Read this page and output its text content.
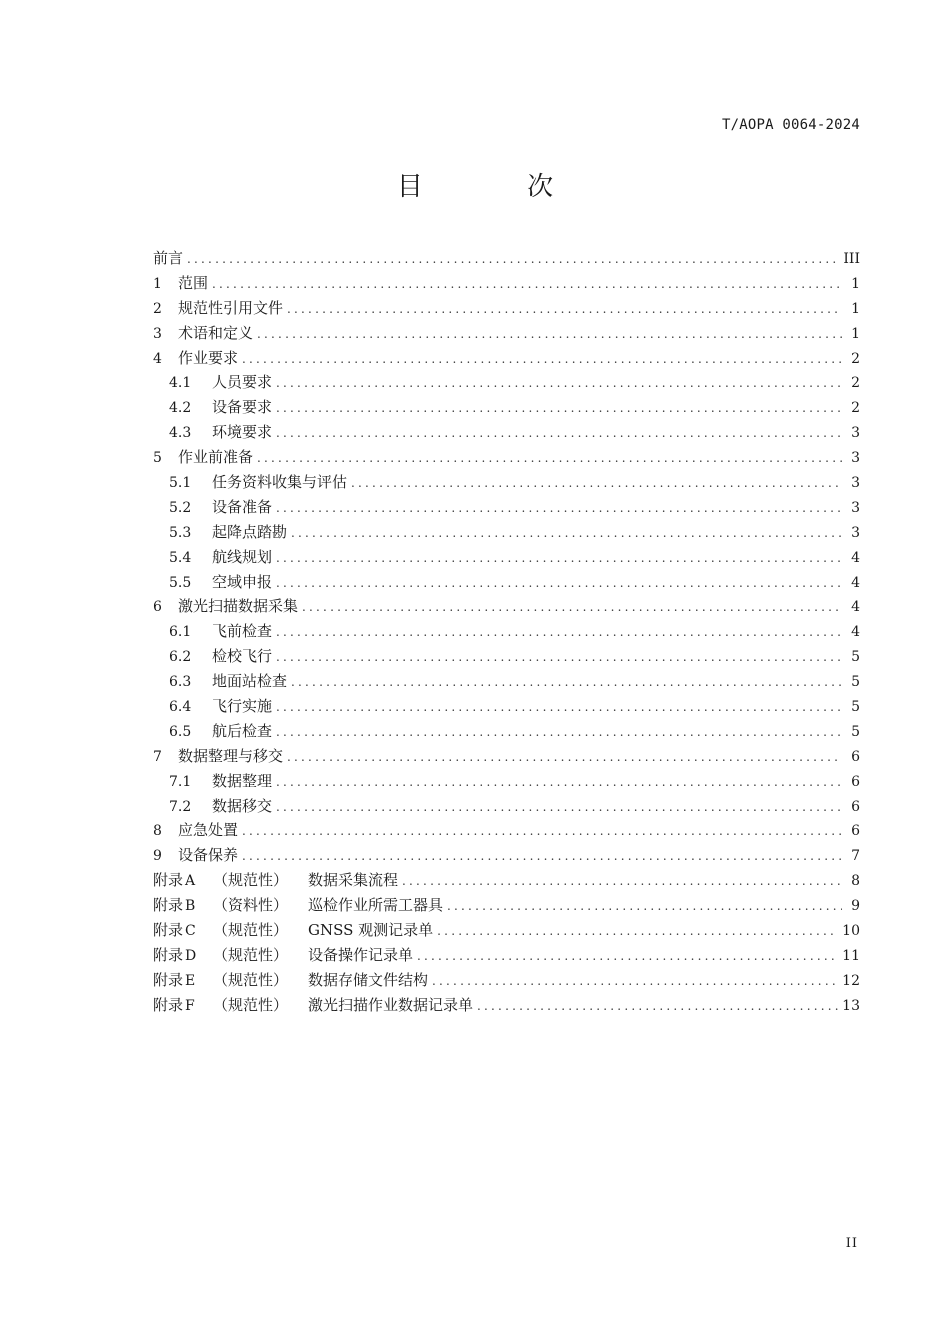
T/AOPA 0064-2024
目 次
前言 .....	III
1	范围 .....	1
2	规范性引用文件 .....	1
3	术语和定义 .....	1
4	作业要求 .....	2
4.1	人员要求 .....	2
4.2	设备要求 .....	2
4.3	环境要求 .....	3
5	作业前准备 .....	3
5.1	任务资料收集与评估 .....	3
5.2	设备准备 .....	3
5.3	起降点踏勘 .....	3
5.4	航线规划 .....	4
5.5	空域申报 .....	4
6	激光扫描数据采集 .....	4
6.1	飞前检查 .....	4
6.2	检校飞行 .....	5
6.3	地面站检查 .....	5
6.4	飞行实施 .....	5
6.5	航后检查 .....	5
7	数据整理与移交 .....	6
7.1	数据整理 .....	6
7.2	数据移交 .....	6
8	应急处置 .....	6
9	设备保养 .....	7
附录 A	（规范性）	数据采集流程 .....	8
附录 B	（资料性）	巡检作业所需工器具 .....	9
附录 C	（规范性）	GNSS 观测记录单 .....	10
附录 D	（规范性）	设备操作记录单 .....	11
附录 E	（规范性）	数据存储文件结构 .....	12
附录 F	（规范性）	激光扫描作业数据记录单 .....	13
II
